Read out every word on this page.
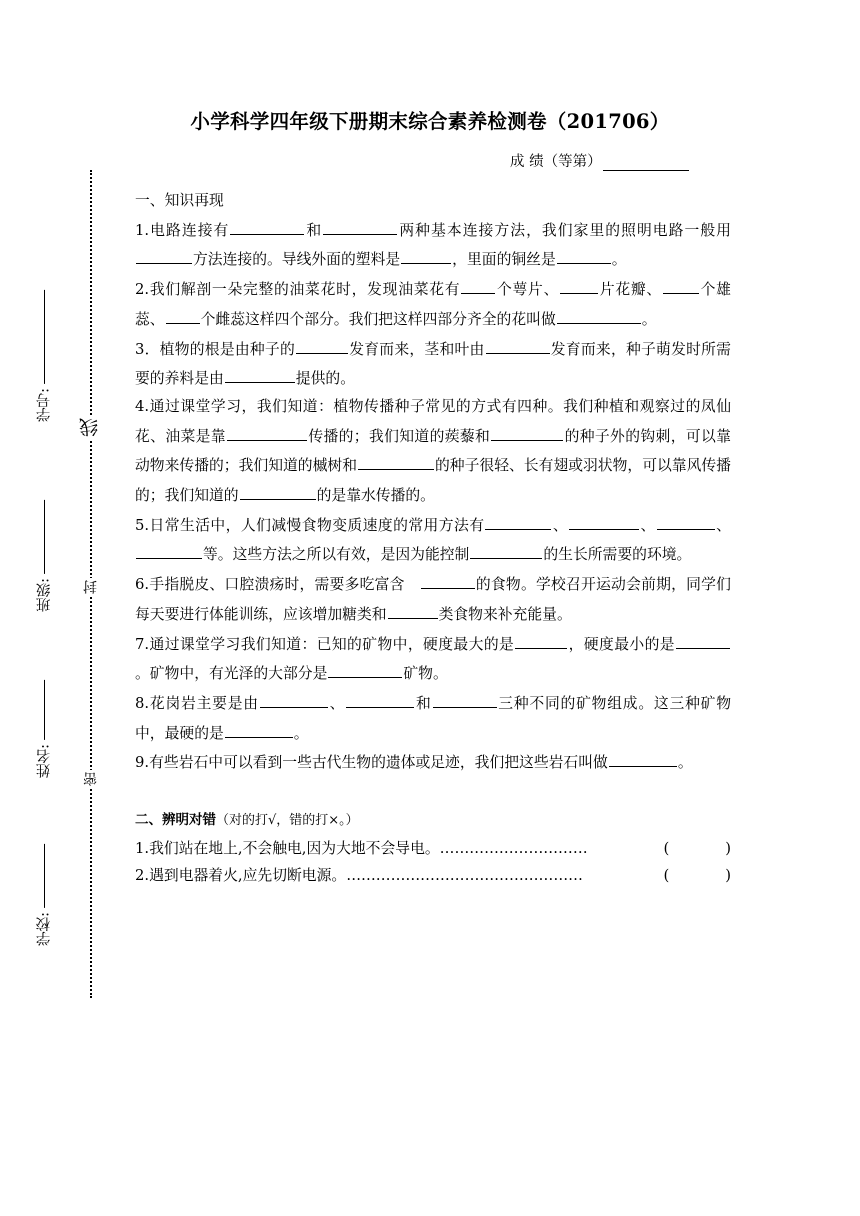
小学科学四年级下册期末综合素养检测卷（201706）
成 绩（等第）
密
封
线
学校:
姓名:
班级:
学号:

一、知识再现

1.电路连接有	和	两种基本连接方法，我们家里的照明电路一般用方法连接的。导线外面的塑料是	，里面的铜丝是	。

2.我们解剖一朵完整的油菜花时，发现油菜花有 个萼片、	片花瓣、	个雄蕊、 个雌蕊这样四个部分。我们把这样四部分齐全的花叫做	。

3．植物的根是由种子的	发育而来，茎和叶由	发育而来，种子萌发时所需要的养料是由	提供的。

4.通过课堂学习，我们知道：植物传播种子常见的方式有四种。我们种植和观察过的凤仙花、油菜是靠	传播的；我们知道的蒺藜和	的种子外的钩刺，可以靠动物来传播的；我们知道的槭树和	的种子很轻、长有翅或羽状物，可以靠风传播的；我们知道的	的是靠水传播的。

5.日常生活中，人们减慢食物变质速度的常用方法有	、	、	、等。这些方法之所以有效，是因为能控制	的生长所需要的环境。

6.手指脱皮、口腔溃疡时，需要多吃富含　	的食物。学校召开运动会前期，同学们每天要进行体能训练，应该增加糖类和	类食物来补充能量。

7.通过课堂学习我们知道：已知的矿物中，硬度最大的是	，硬度最小的是。矿物中，有光泽的大部分是	矿物。

8.花岗岩主要是由	、	和	三种不同的矿物组成。这三种矿物中，最硬的是	。

9.有些岩石中可以看到一些古代生物的遗体或足迹，我们把这些岩石叫做	。

二、辨明对错（对的打√，错的打×。）

1.我们站在地上,不会触电,因为大地不会导电。…………………………	(	)
2.遇到电器着火,应先切断电源。…………………………………………	(	)
